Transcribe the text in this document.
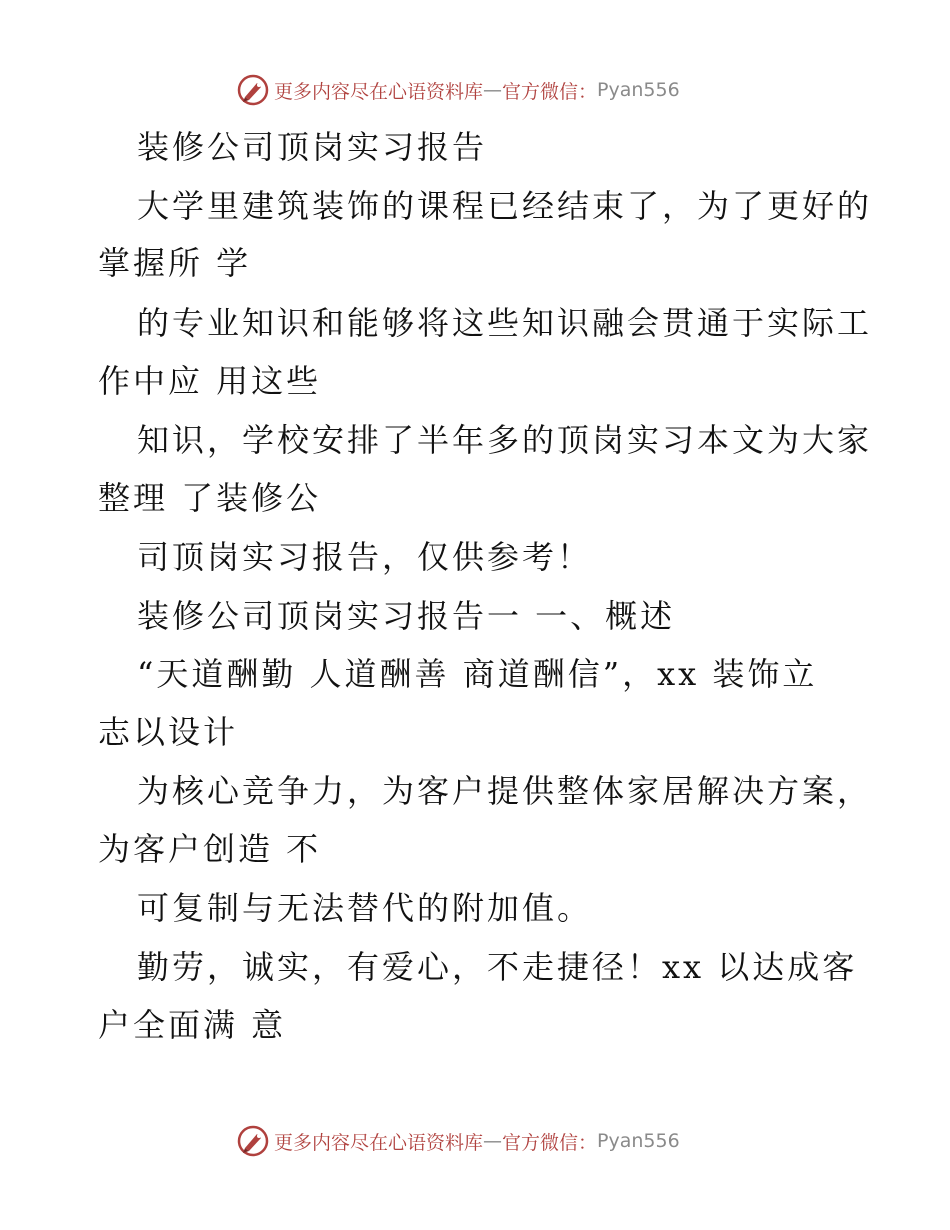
更多内容尽在心语资料库 — 官方微信： Pyan556
装修公司顶岗实习报告
大学里建筑装饰的课程已经结束了，为了更好的
掌握所 学
的专业知识和能够将这些知识融会贯通于实际工
作中应 用这些
知识，学校安排了半年多的顶岗实习本文为大家
整理 了装修公
司顶岗实习报告，仅供参考！
装修公司顶岗实习报告一 一、概述
“天道酬勤 人道酬善 商道酬信”，xx 装饰立
志以设计
为核心竞争力，为客户提供整体家居解决方案，
为客户创造 不
可复制与无法替代的附加值。
勤劳，诚实，有爱心，不走捷径！xx 以达成客
户全面满 意
更多内容尽在心语资料库 — 官方微信： Pyan556
